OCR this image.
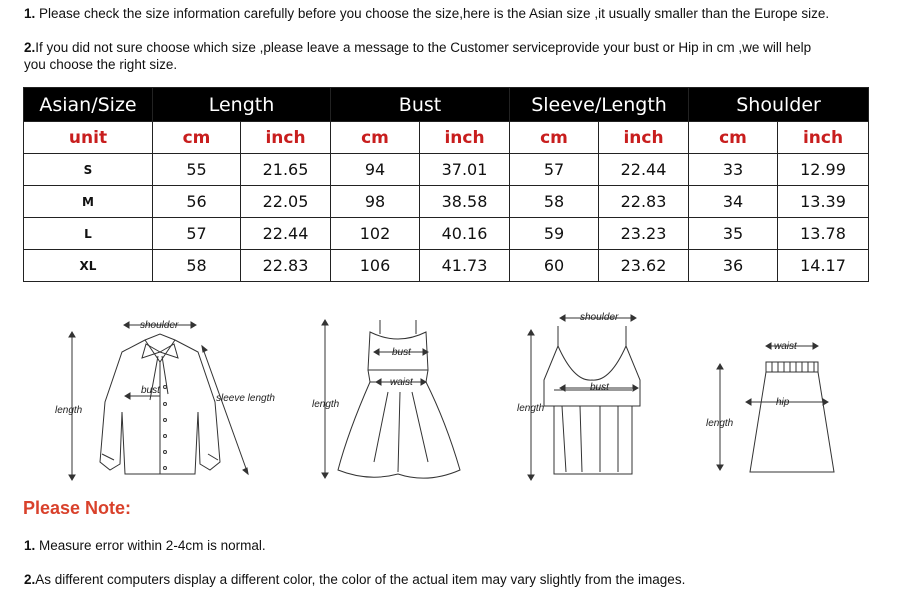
1. Please check the size information carefully before you choose the size,here is the Asian size ,it usually smaller than the Europe size.
2.If you did not sure choose which size ,please leave a message to the Customer serviceprovide your bust or Hip in cm ,we will help
you choose the right size.
Asian/Size	Length		Bust		Sleeve/Length		Shoulder	
unit	cm	inch	cm	inch	cm	inch	cm	inch
S	55	21.65	94	37.01	57	22.44	33	12.99
M	56	22.05	98	38.58	58	22.83	34	13.39
L	57	22.44	102	40.16	59	23.23	35	13.78
XL	58	22.83	106	41.73	60	23.62	36	14.17
shoulder
bust
length
sleeve length
bust
waist
length
shoulder
bust
length
waist
hip
length
Please Note:
1. Measure error within 2-4cm is normal.
2.As different computers display a different color, the color of the actual item may vary slightly from the images.
